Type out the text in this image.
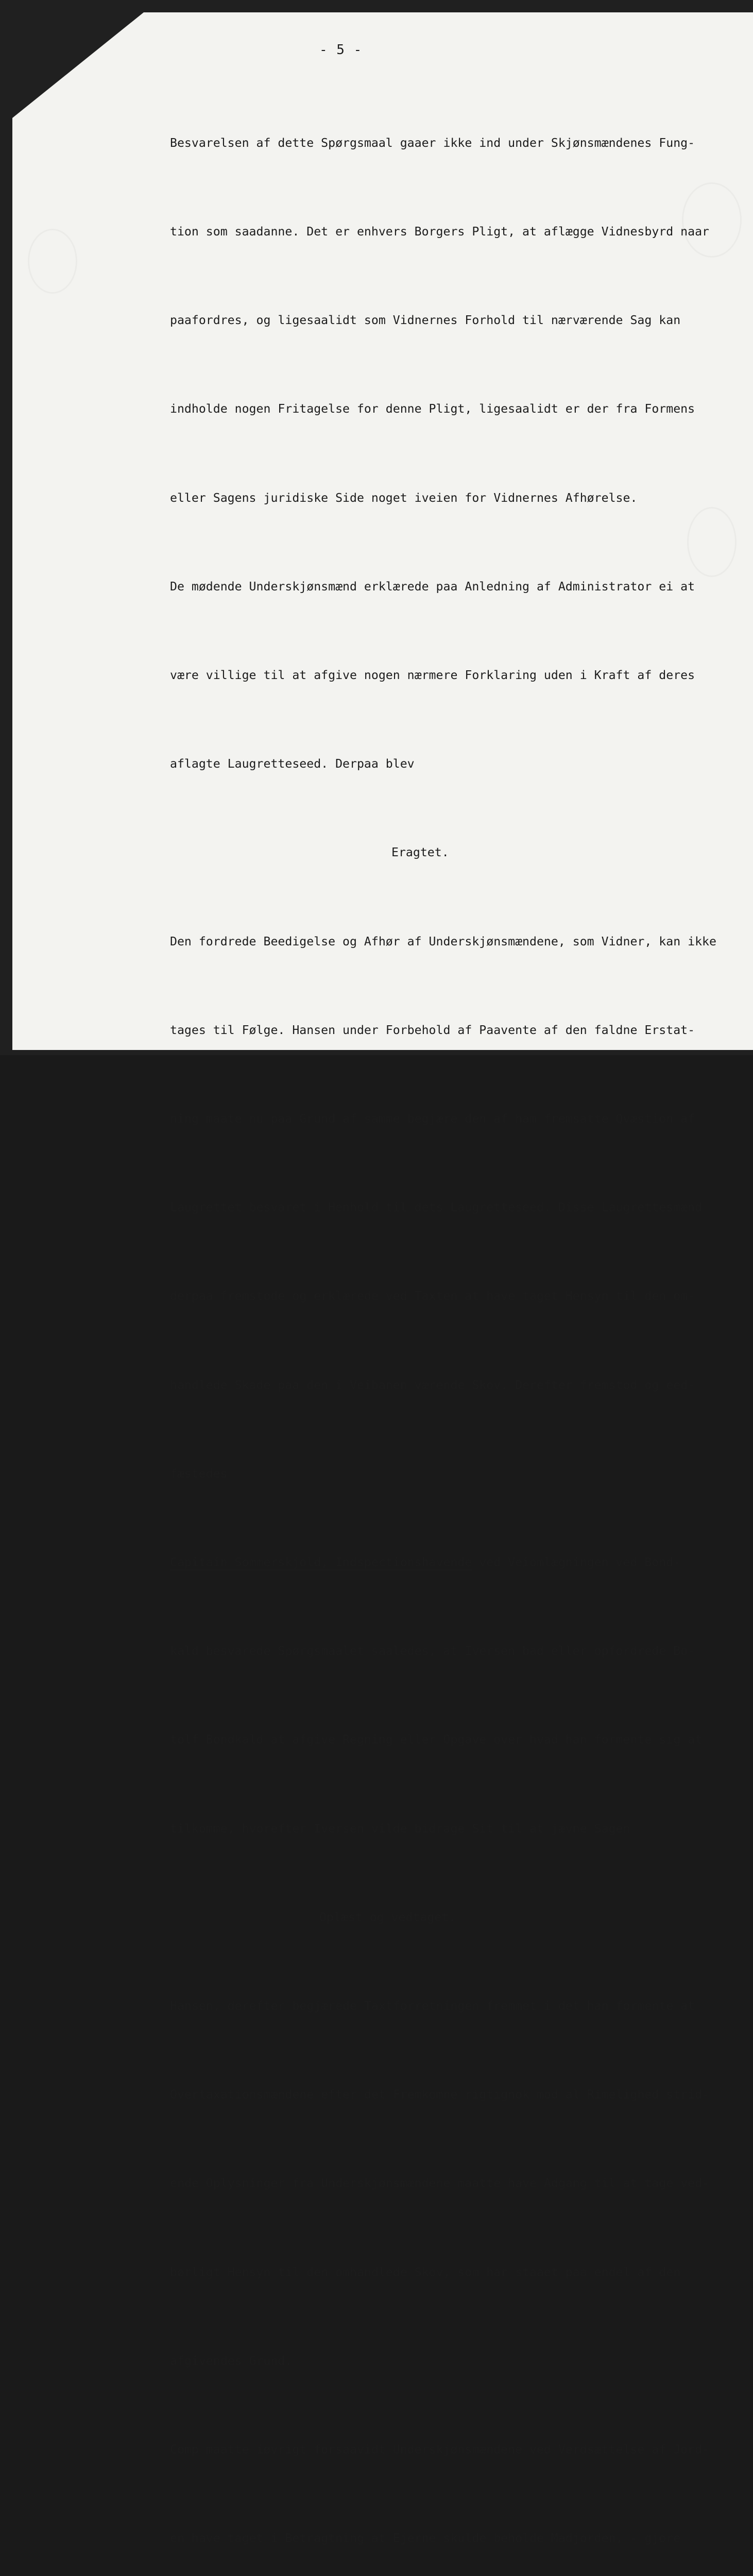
- 5 -

Besvarelsen af dette Spørgsmaal gaaer ikke ind under Skjønsmændenes Fung-

tion som saadanne. Det er enhvers Borgers Pligt, at aflægge Vidnesbyrd naar

paafordres, og ligesaalidt som Vidnernes Forhold til nærværende Sag kan

indholde nogen Fritagelse for denne Pligt, ligesaalidt er der fra Formens

eller Sagens juridiske Side noget iveien for Vidnernes Afhørelse.

De mødende Underskjønsmænd erklærede paa Anledning af Administrator ei at

være villige til at afgive nogen nærmere Forklaring uden i Kraft af deres

aflagte Laugretteseed. Derpaa blev

Eragtet.

Den fordrede Beedigelse og Afhør af Underskjønsmændene, som Vidner, kan ikke

tages til Følge. Hansen under Forbehold af Paavente af den faldne Erstat-

ning maate nu paa Grund af samme begjære den af ham fremsatte Qvæstion af

Laugrettet besvaret i Henhold til dets Laugretteseed. Disse Laugrettesmænd

derpaa fremstode og erklærede ved Taxten at have taget Hensyn til den om-

handlede Skade paa den i Veibanen værende Skov. Derefter fremstod og eed-

fæstedes

Capitain Sommerskjold, Indspectionshavende ved Veiomlægningen ved Bond-

kald besvarede Spørgsmaalet saaledes, at Iversen bad eller opfordrede Bo-

tolf Bondkald at afgive Regning eller Opgave over hvad han formente sig at

tilkomme, hvorefter Iversen vilde bidrage Sit til at jævne Sagen

Oplæst og vedtaget.

Hansen, derefter begjærede Taxtforretningen fremmet i det han formente at

Overtaxationsmændene efter det Fremkomne rigtignok mod al Rimelighed strid-

ende Oplysninger fra Underskjønsmændene maatte have Adgang til at tage ved-

børligt Hensyn til den omhandlede Skov, som har staaet paa endel af den

afgivendes Grund.

Comp maatte iøvrigt forsaavidt Underskjønsmændene ved Verdsættelse af Jord-

en have taget i Betragtning at Ejerne skulde beholde Madjorden, - gjore
